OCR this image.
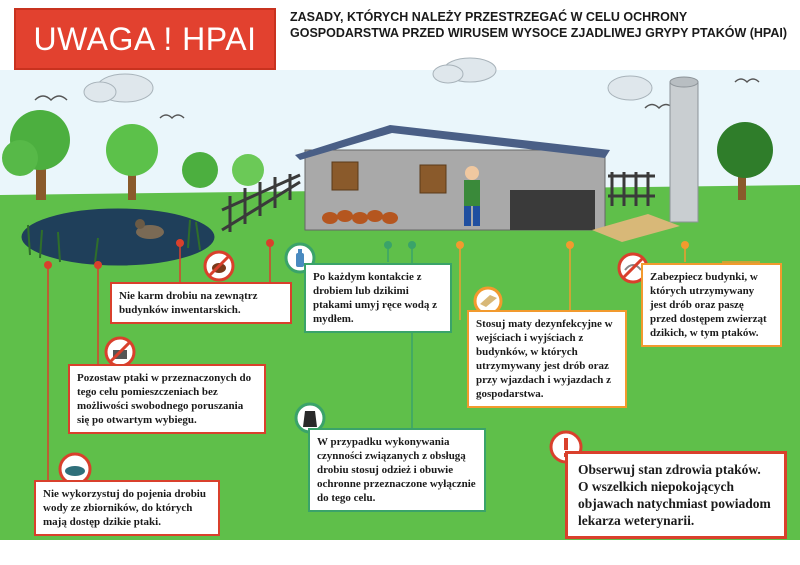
UWAGA ! HPAI
ZASADY, KTÓRYCH NALEŻY PRZESTRZEGAĆ W CELU OCHRONY GOSPODARSTWA PRZED WIRUSEM WYSOCE ZJADLIWEJ GRYPY PTAKÓW (HPAI)
Nie karm drobiu na zewnątrz budynków inwentarskich.
Po każdym kontakcie z drobiem lub dzikimi ptakami umyj ręce wodą z mydłem.
Zabezpiecz budynki, w których utrzymywany jest drób oraz paszę przed dostępem zwierząt dzikich, w tym ptaków.
Stosuj maty dezynfekcyjne w wejściach i wyjściach z budynków, w których utrzymywany jest drób oraz przy wjazdach i wyjazdach z gospodarstwa.
Pozostaw ptaki w przeznaczonych do tego celu pomieszczeniach bez możliwości swobodnego poruszania się po otwartym wybiegu.
W przypadku wykonywania czynności związanych z obsługą drobiu stosuj odzież i obuwie ochronne przeznaczone wyłącznie do tego celu.
Nie wykorzystuj do pojenia drobiu wody ze zbiorników, do których mają dostęp dzikie ptaki.
Obserwuj stan zdrowia ptaków. O wszelkich niepokojących objawach natychmiast powiadom lekarza weterynarii.
